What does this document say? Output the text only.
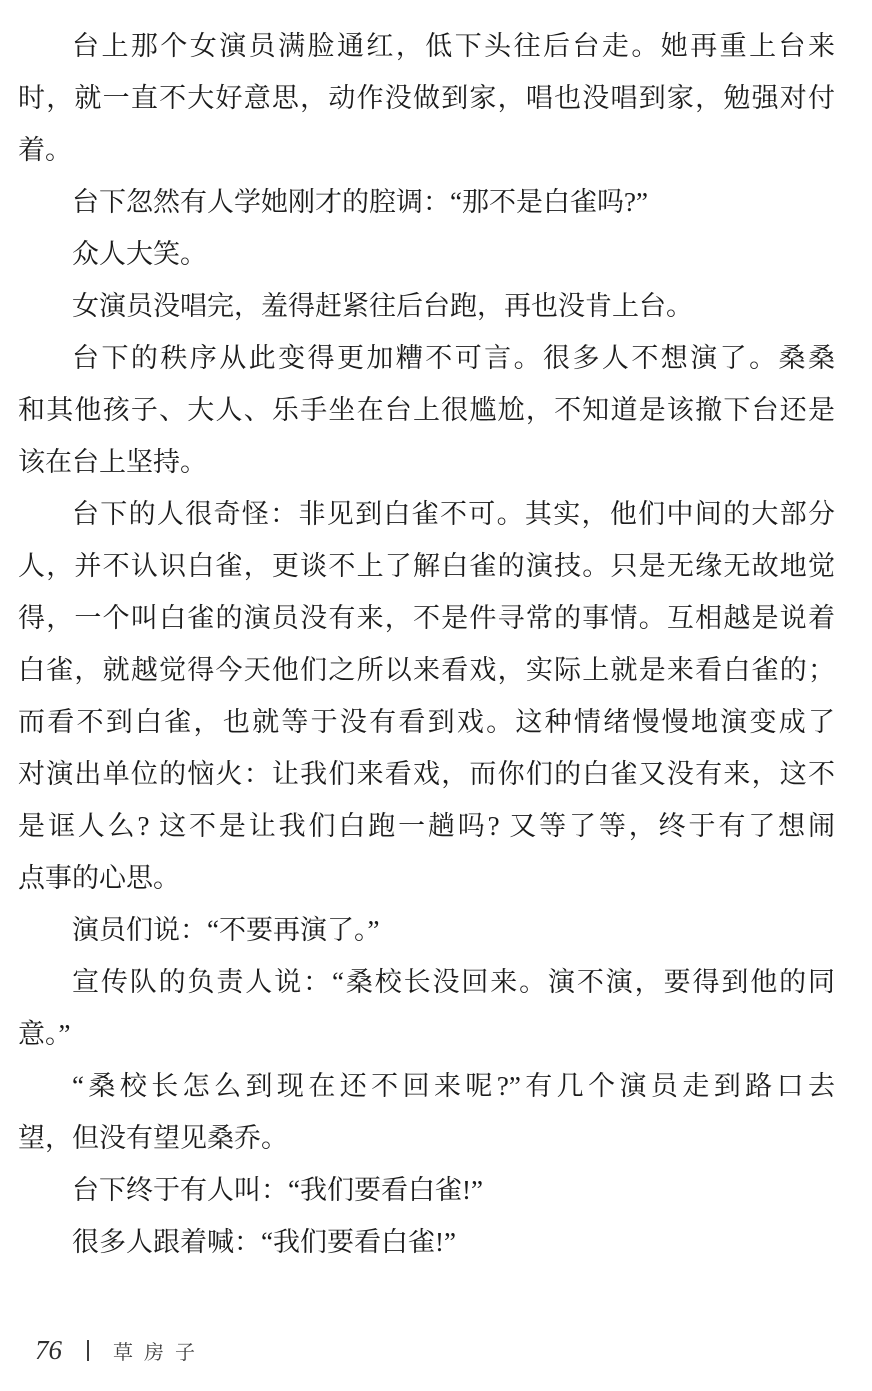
台上那个女演员满脸通红，低下头往后台走。她再重上台来
时，就一直不大好意思，动作没做到家，唱也没唱到家，勉强对付
着。
台下忽然有人学她刚才的腔调：“那不是白雀吗?”
众人大笑。
女演员没唱完，羞得赶紧往后台跑，再也没肯上台。
台下的秩序从此变得更加糟不可言。很多人不想演了。桑桑
和其他孩子、大人、乐手坐在台上很尴尬，不知道是该撤下台还是
该在台上坚持。
台下的人很奇怪：非见到白雀不可。其实，他们中间的大部分
人，并不认识白雀，更谈不上了解白雀的演技。只是无缘无故地觉
得，一个叫白雀的演员没有来，不是件寻常的事情。互相越是说着
白雀，就越觉得今天他们之所以来看戏，实际上就是来看白雀的；
而看不到白雀，也就等于没有看到戏。这种情绪慢慢地演变成了
对演出单位的恼火：让我们来看戏，而你们的白雀又没有来，这不
是诓人么? 这不是让我们白跑一趟吗? 又等了等，终于有了想闹
点事的心思。
演员们说：“不要再演了。”
宣传队的负责人说：“桑校长没回来。演不演，要得到他的同
意。”
“桑校长怎么到现在还不回来呢?”有几个演员走到路口去
望，但没有望见桑乔。
台下终于有人叫：“我们要看白雀!”
很多人跟着喊：“我们要看白雀!”
76	草房子
